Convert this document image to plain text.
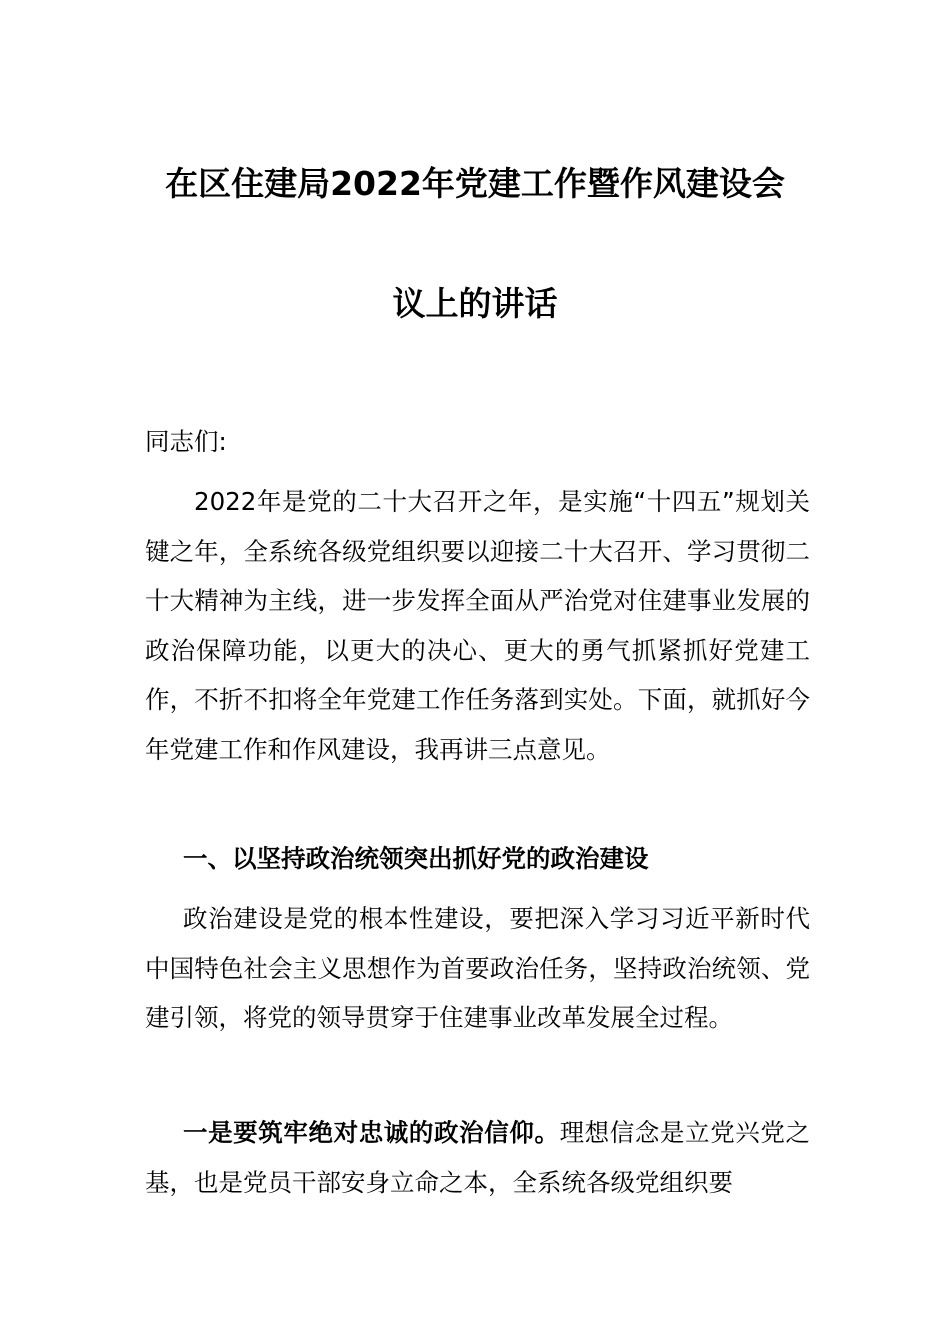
在区住建局2022年党建工作暨作风建设会
议上的讲话
同志们:
2022年是党的二十大召开之年，是实施“十四五”规划关键之年，全系统各级党组织要以迎接二十大召开、学习贯彻二十大精神为主线，进一步发挥全面从严治党对住建事业发展的政治保障功能，以更大的决心、更大的勇气抓紧抓好党建工作，不折不扣将全年党建工作任务落到实处。下面，就抓好今年党建工作和作风建设，我再讲三点意见。
一、以坚持政治统领突出抓好党的政治建设
政治建设是党的根本性建设，要把深入学习习近平新时代中国特色社会主义思想作为首要政治任务，坚持政治统领、党建引领，将党的领导贯穿于住建事业改革发展全过程。
一是要筑牢绝对忠诚的政治信仰。理想信念是立党兴党之基，也是党员干部安身立命之本，全系统各级党组织要
